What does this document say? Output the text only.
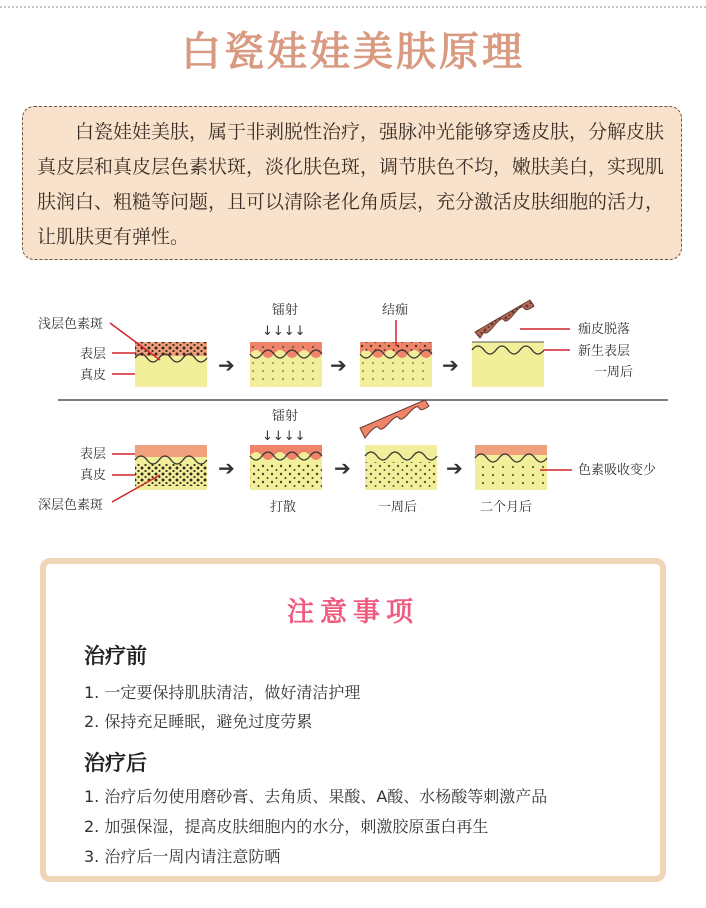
白瓷娃娃美肤原理

白瓷娃娃美肤，属于非剥脱性治疗，强脉冲光能够穿透皮肤，分解皮肤真皮层和真皮层色素状斑，淡化肤色斑，调节肤色不均，嫩肤美白，实现肌肤润白、粗糙等问题，且可以清除老化角质层，充分激活皮肤细胞的活力，让肌肤更有弹性。

➔	➔	➔
浅层色素斑
表层
真皮
镭射
↓↓↓↓
结痂
痂皮脱落
新生表层
一周后
➔	➔	➔
表层
真皮
深层色素斑
镭射
↓↓↓↓
打散	一周后	二个月后
色素吸收变少
注意事项
治疗前
1. 一定要保持肌肤清洁，做好清洁护理
2. 保持充足睡眠，避免过度劳累
治疗后
1. 治疗后勿使用磨砂膏、去角质、果酸、A酸、水杨酸等刺激产品
2. 加强保湿，提高皮肤细胞内的水分，刺激胶原蛋白再生
3. 治疗后一周内请注意防晒
